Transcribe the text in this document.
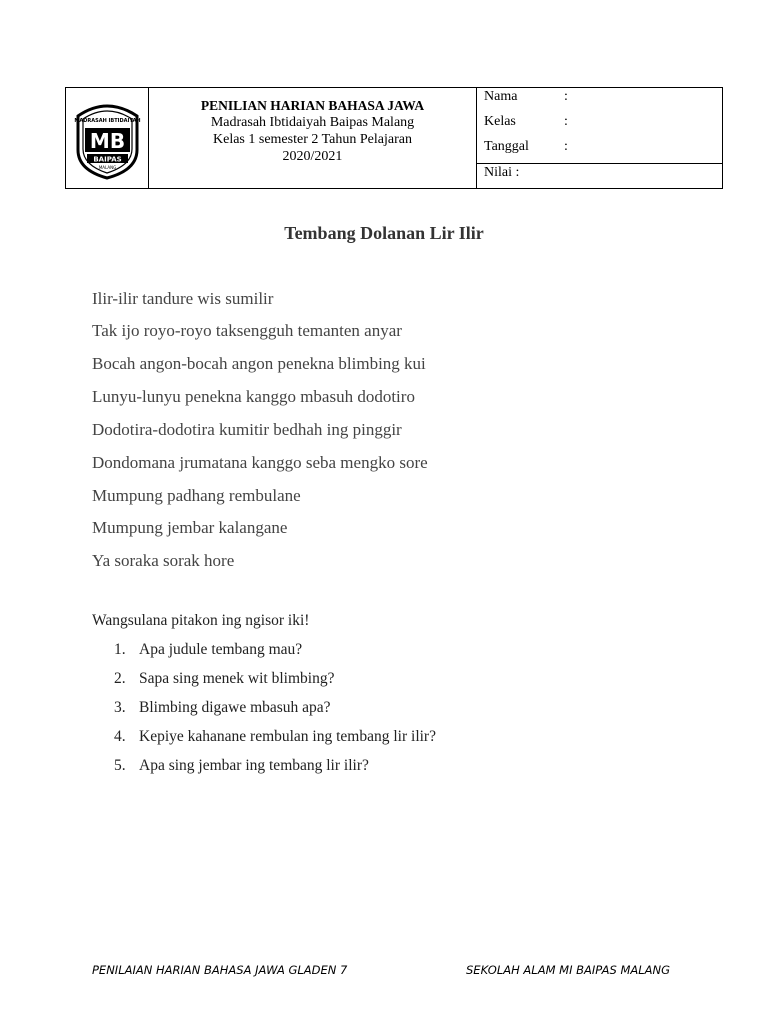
MADRASAH IBTIDAIYAH
MB
BAIPAS
MALANG
PENILIAN HARIAN BAHASA JAWA
Madrasah Ibtidaiyah Baipas Malang
Kelas 1 semester 2 Tahun Pelajaran
2020/2021
Nama	:
Kelas	:
Tanggal	:
Nilai :
Tembang Dolanan Lir Ilir
Ilir-ilir tandure wis sumilir
Tak ijo royo-royo taksengguh temanten anyar
Bocah angon-bocah angon penekna blimbing kui
Lunyu-lunyu penekna kanggo mbasuh dodotiro
Dodotira-dodotira kumitir bedhah ing pinggir
Dondomana jrumatana kanggo seba mengko sore
Mumpung padhang rembulane
Mumpung jembar kalangane
Ya soraka sorak hore
Wangsulana pitakon ing ngisor iki!
1. Apa judule tembang mau?
2. Sapa sing menek wit blimbing?
3. Blimbing digawe mbasuh apa?
4. Kepiye kahanane rembulan ing tembang lir ilir?
5. Apa sing jembar ing tembang lir ilir?
PENILAIAN HARIAN BAHASA JAWA GLADEN 7	SEKOLAH ALAM MI BAIPAS MALANG
